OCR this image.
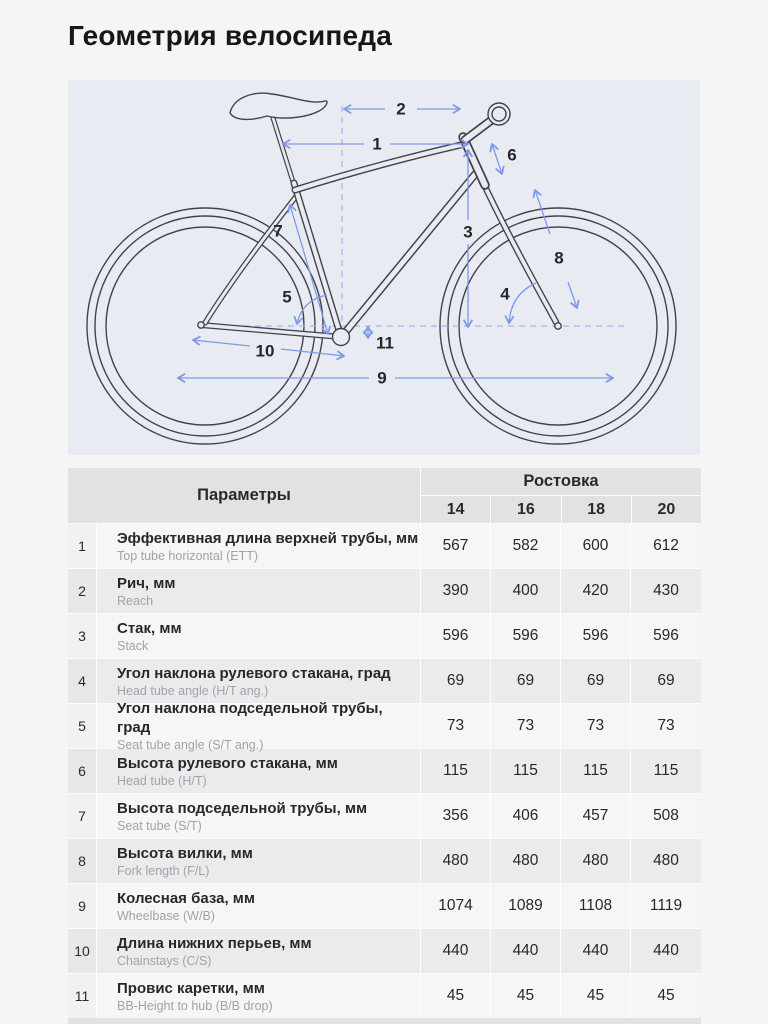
Геометрия велосипеда
1
2
3
4
5
6
7
8
9
10	11
Параметры
Ростовка
14	16	18	20
1	Эффективная длина верхней трубы, мм
Top tube horizontal (ETT)
567	582	600	612
2	Рич, мм
Reach
390	400	420	430
3	Стак, мм
Stack
596	596	596	596
4	Угол наклона рулевого стакана, град
Head tube angle (H/T ang.)
69	69	69	69
5
Угол наклона подседельной трубы, град
Seat tube angle (S/T ang.)
73	73	73	73
6	Высота рулевого стакана, мм
Head tube (H/T)
115	115	115	115
7	Высота подседельной трубы, мм
Seat tube (S/T)
356	406	457	508
8	Высота вилки, мм
Fork length (F/L)
480	480	480	480
9	Колесная база, мм
Wheelbase (W/B)
1074	1089	1108	1119
10	Длина нижних перьев, мм
Chainstays (C/S)
440	440	440	440
11	Провис каретки, мм
BB-Height to hub (B/B drop)
45	45	45	45
